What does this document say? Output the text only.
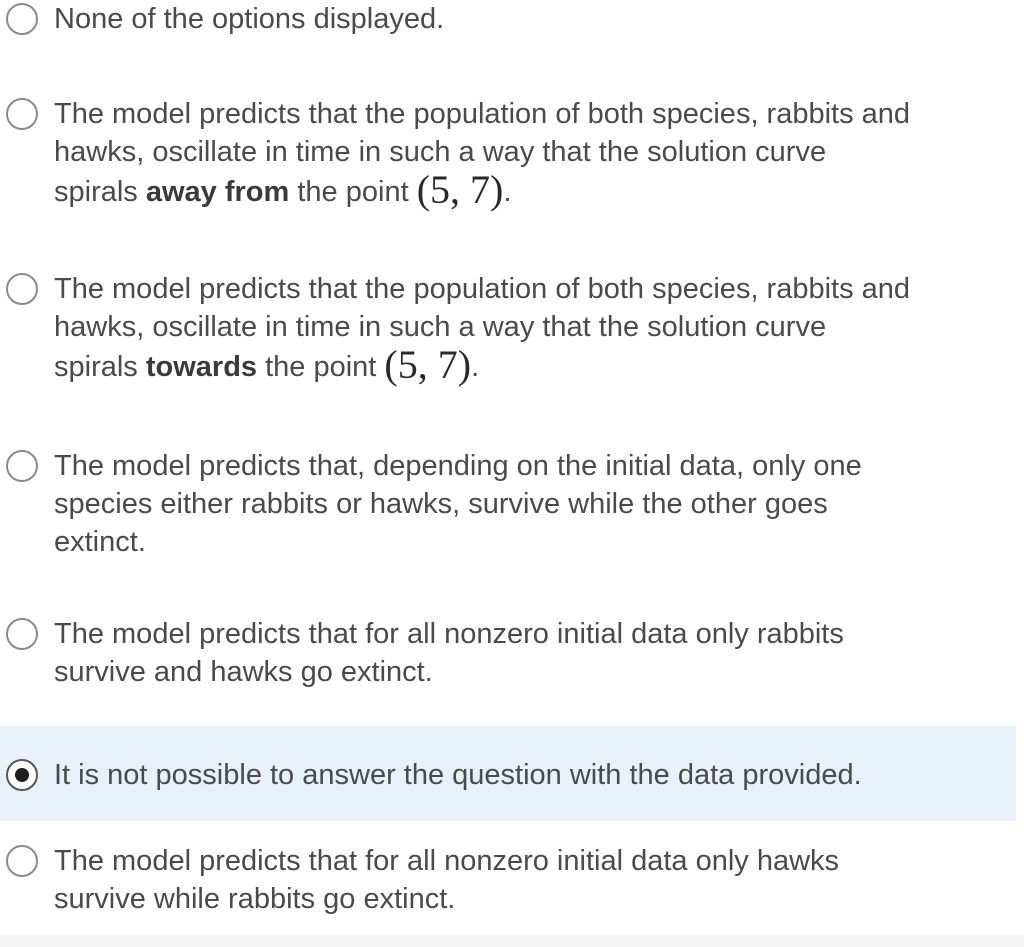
None of the options displayed.
The model predicts that the population of both species, rabbits and
hawks, oscillate in time in such a way that the solution curve
spirals away from the point (5, 7).
The model predicts that the population of both species, rabbits and
hawks, oscillate in time in such a way that the solution curve
spirals towards the point (5, 7).
The model predicts that, depending on the initial data, only one
species either rabbits or hawks, survive while the other goes
extinct.
The model predicts that for all nonzero initial data only rabbits
survive and hawks go extinct.
It is not possible to answer the question with the data provided.
The model predicts that for all nonzero initial data only hawks
survive while rabbits go extinct.
